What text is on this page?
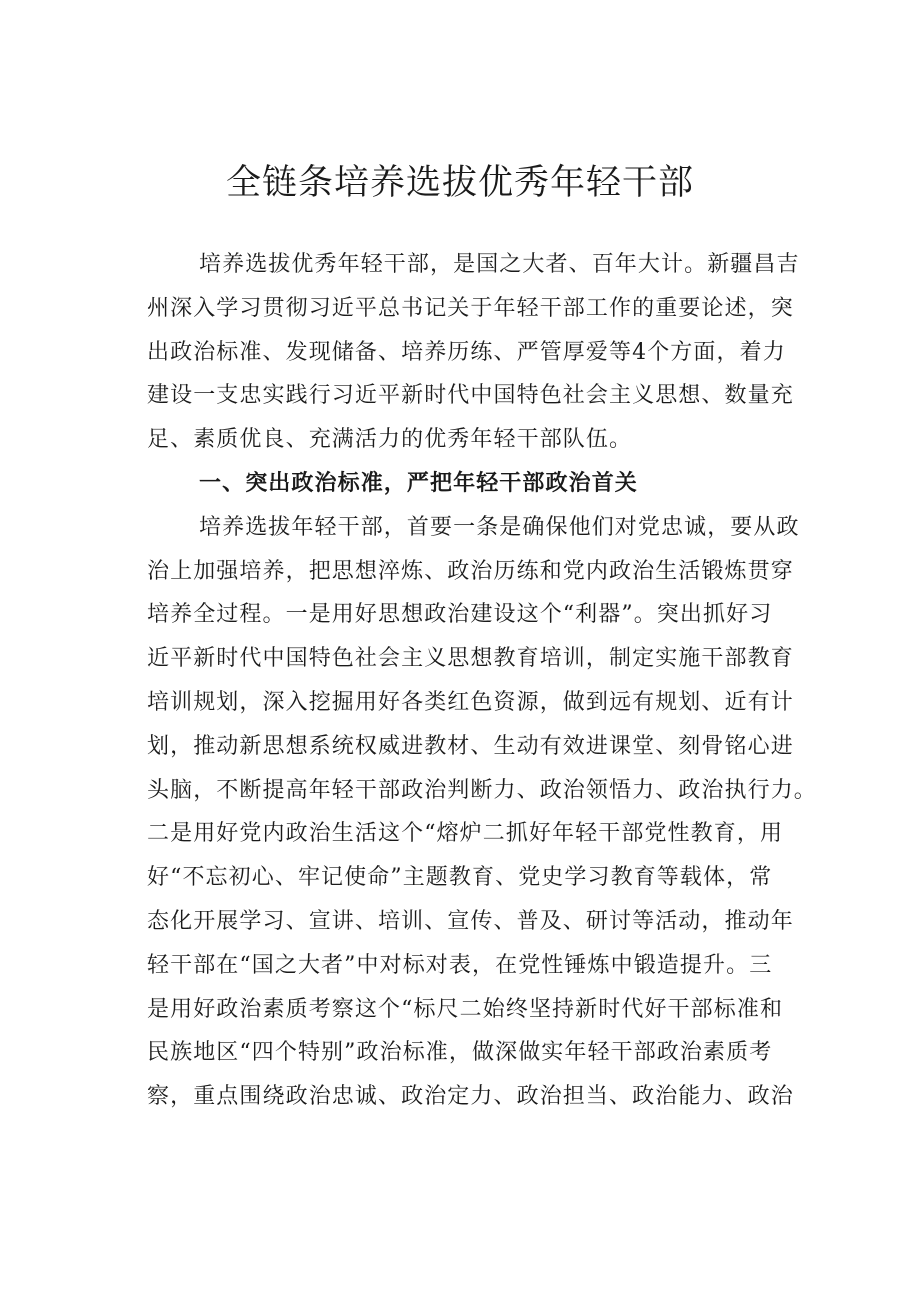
全链条培养选拔优秀年轻干部
培养选拔优秀年轻干部，是国之大者、百年大计。新疆昌吉
州深入学习贯彻习近平总书记关于年轻干部工作的重要论述，突
出政治标准、发现储备、培养历练、严管厚爱等4个方面，着力
建设一支忠实践行习近平新时代中国特色社会主义思想、数量充
足、素质优良、充满活力的优秀年轻干部队伍。
一、突出政治标准，严把年轻干部政治首关
培养选拔年轻干部，首要一条是确保他们对党忠诚，要从政
治上加强培养，把思想淬炼、政治历练和党内政治生活锻炼贯穿
培养全过程。一是用好思想政治建设这个“利器”。突出抓好习
近平新时代中国特色社会主义思想教育培训，制定实施干部教育
培训规划，深入挖掘用好各类红色资源，做到远有规划、近有计
划，推动新思想系统权威进教材、生动有效进课堂、刻骨铭心进
头脑，不断提高年轻干部政治判断力、政治领悟力、政治执行力。
二是用好党内政治生活这个“熔炉二抓好年轻干部党性教育，用
好“不忘初心、牢记使命”主题教育、党史学习教育等载体，常
态化开展学习、宣讲、培训、宣传、普及、研讨等活动，推动年
轻干部在“国之大者”中对标对表，在党性锤炼中锻造提升。三
是用好政治素质考察这个“标尺二始终坚持新时代好干部标准和
民族地区“四个特别”政治标准，做深做实年轻干部政治素质考
察，重点围绕政治忠诚、政治定力、政治担当、政治能力、政治
